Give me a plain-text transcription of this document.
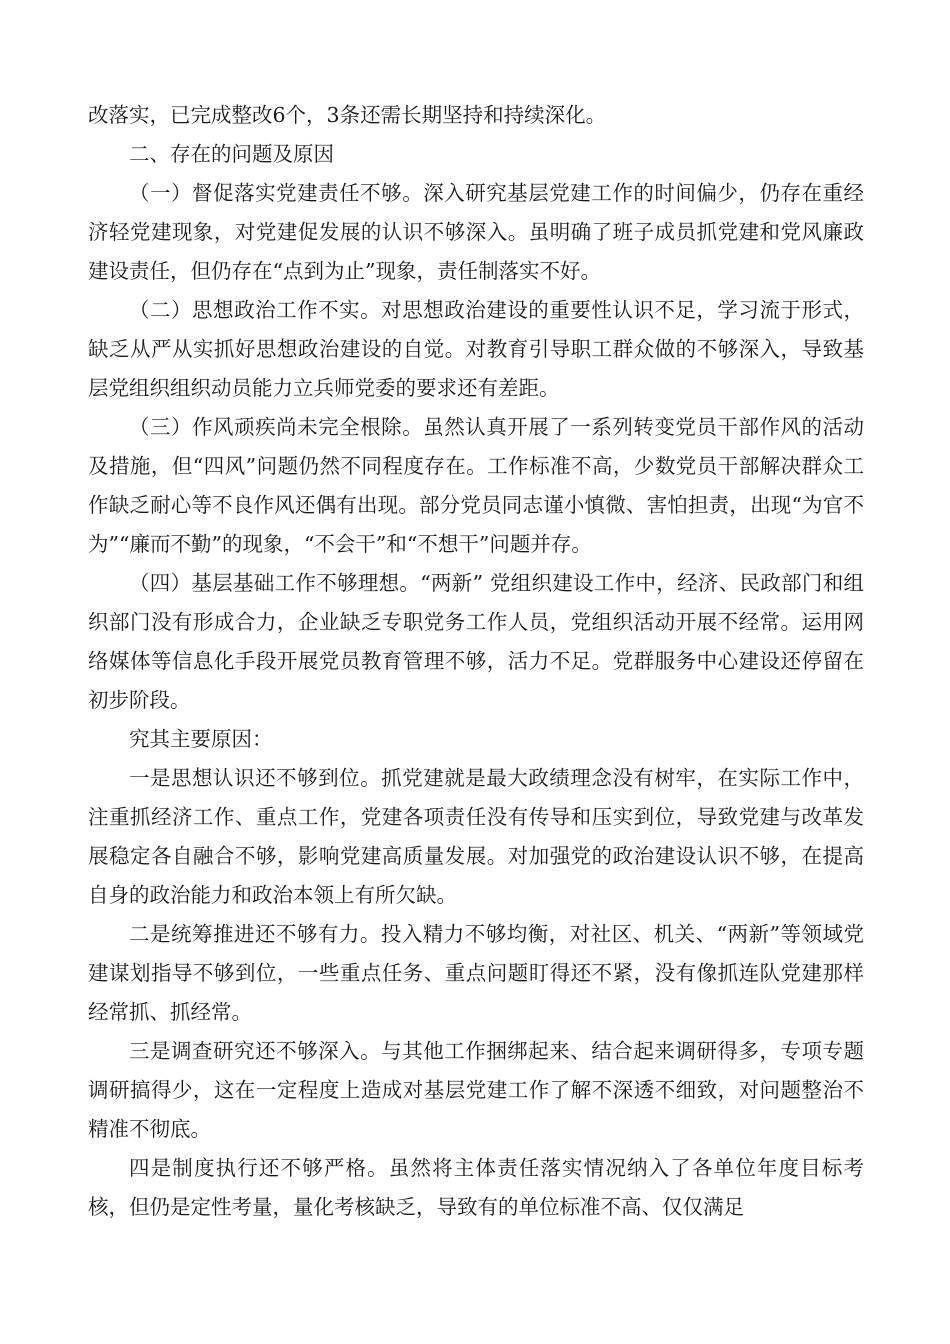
改落实，已完成整改6个，3条还需长期坚持和持续深化。

二、存在的问题及原因

（一）督促落实党建责任不够。深入研究基层党建工作的时间偏少，仍存在重经济轻党建现象，对党建促发展的认识不够深入。虽明确了班子成员抓党建和党风廉政建设责任，但仍存在“点到为止”现象，责任制落实不好。

（二）思想政治工作不实。对思想政治建设的重要性认识不足，学习流于形式，缺乏从严从实抓好思想政治建设的自觉。对教育引导职工群众做的不够深入，导致基层党组织组织动员能力立兵师党委的要求还有差距。

（三）作风顽疾尚未完全根除。虽然认真开展了一系列转变党员干部作风的活动及措施，但“四风”问题仍然不同程度存在。工作标准不高，少数党员干部解决群众工作缺乏耐心等不良作风还偶有出现。部分党员同志谨小慎微、害怕担责，出现“为官不为”“廉而不勤”的现象，“不会干”和“不想干”问题并存。

（四）基层基础工作不够理想。“两新” 党组织建设工作中，经济、民政部门和组织部门没有形成合力，企业缺乏专职党务工作人员，党组织活动开展不经常。运用网络媒体等信息化手段开展党员教育管理不够，活力不足。党群服务中心建设还停留在初步阶段。

究其主要原因：

一是思想认识还不够到位。抓党建就是最大政绩理念没有树牢，在实际工作中，注重抓经济工作、重点工作，党建各项责任没有传导和压实到位，导致党建与改革发展稳定各自融合不够，影响党建高质量发展。对加强党的政治建设认识不够，在提高自身的政治能力和政治本领上有所欠缺。

二是统筹推进还不够有力。投入精力不够均衡，对社区、机关、“两新”等领域党建谋划指导不够到位，一些重点任务、重点问题盯得还不紧，没有像抓连队党建那样经常抓、抓经常。

三是调查研究还不够深入。与其他工作捆绑起来、结合起来调研得多，专项专题调研搞得少，这在一定程度上造成对基层党建工作了解不深透不细致，对问题整治不精准不彻底。

四是制度执行还不够严格。虽然将主体责任落实情况纳入了各单位年度目标考核，但仍是定性考量，量化考核缺乏，导致有的单位标准不高、仅仅满足
